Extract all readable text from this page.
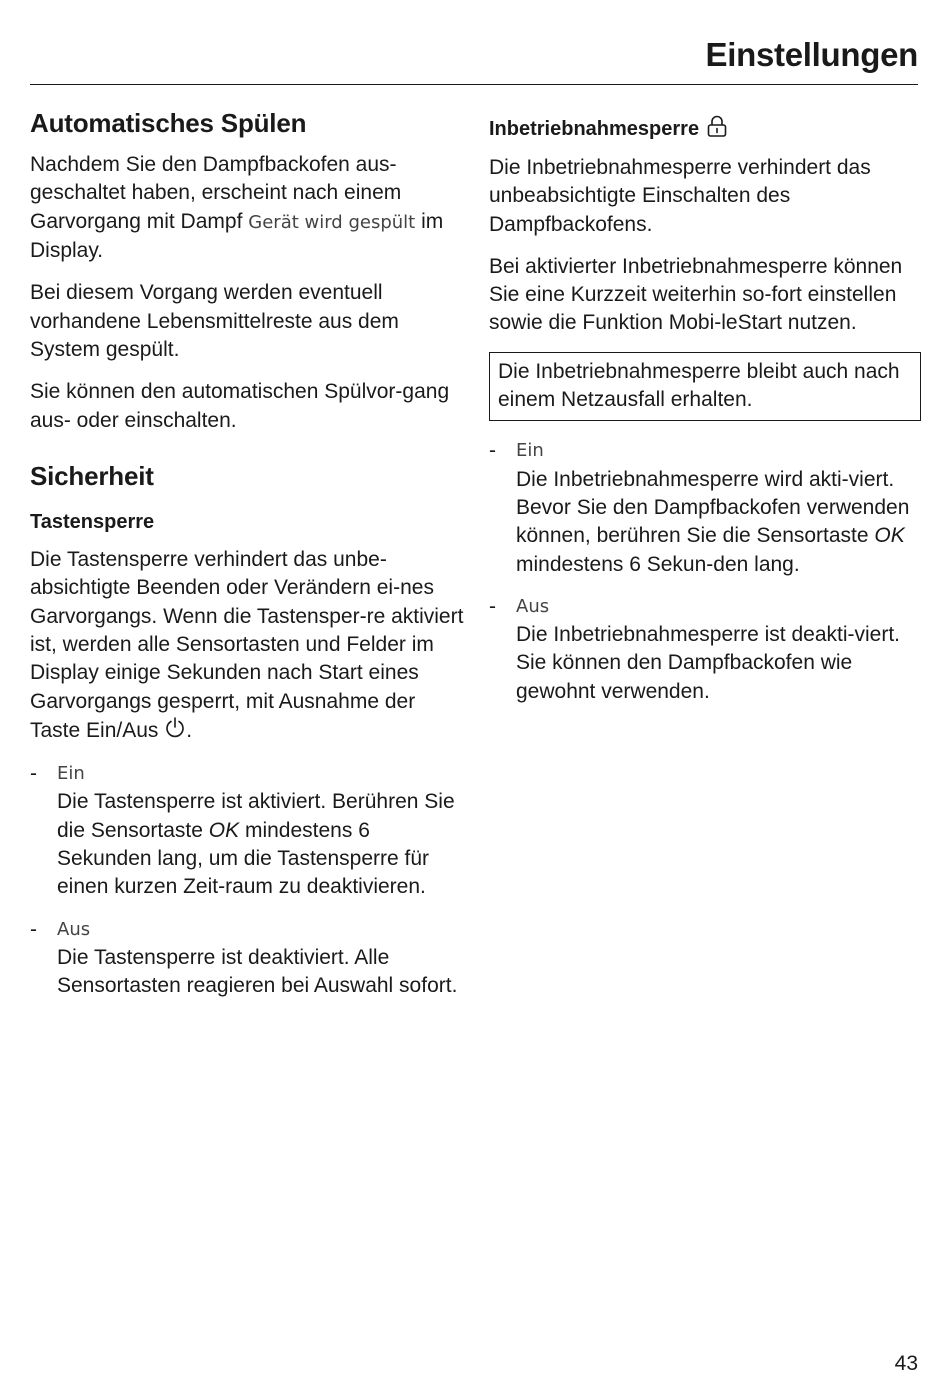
Einstellungen
Automatisches Spülen

Nachdem Sie den Dampfbackofen aus-geschaltet haben, erscheint nach einem Garvorgang mit Dampf Gerät wird gespült im Display.

Bei diesem Vorgang werden eventuell vorhandene Lebensmittelreste aus dem System gespült.

Sie können den automatischen Spülvor-gang aus- oder einschalten.

Sicherheit
Tastensperre

Die Tastensperre verhindert das unbe-absichtigte Beenden oder Verändern ei-nes Garvorgangs. Wenn die Tastensper-re aktiviert ist, werden alle Sensortasten und Felder im Display einige Sekunden nach Start eines Garvorgangs gesperrt, mit Ausnahme der Taste Ein/Aus .

- Ein
Die Tastensperre ist aktiviert. Berühren Sie die Sensortaste OK mindestens 6 Sekunden lang, um die Tastensperre für einen kurzen Zeit-raum zu deaktivieren.
- Aus
Die Tastensperre ist deaktiviert. Alle Sensortasten reagieren bei Auswahl sofort.
Inbetriebnahmesperre

Die Inbetriebnahmesperre verhindert das unbeabsichtigte Einschalten des Dampfbackofens.

Bei aktivierter Inbetriebnahmesperre können Sie eine Kurzzeit weiterhin so-fort einstellen sowie die Funktion Mobi-leStart nutzen.

Die Inbetriebnahmesperre bleibt auch nach einem Netzausfall erhalten.
- Ein
Die Inbetriebnahmesperre wird akti-viert. Bevor Sie den Dampfbackofen verwenden können, berühren Sie die Sensortaste OK mindestens 6 Sekun-den lang.
- Aus
Die Inbetriebnahmesperre ist deakti-viert. Sie können den Dampfbackofen wie gewohnt verwenden.
43
